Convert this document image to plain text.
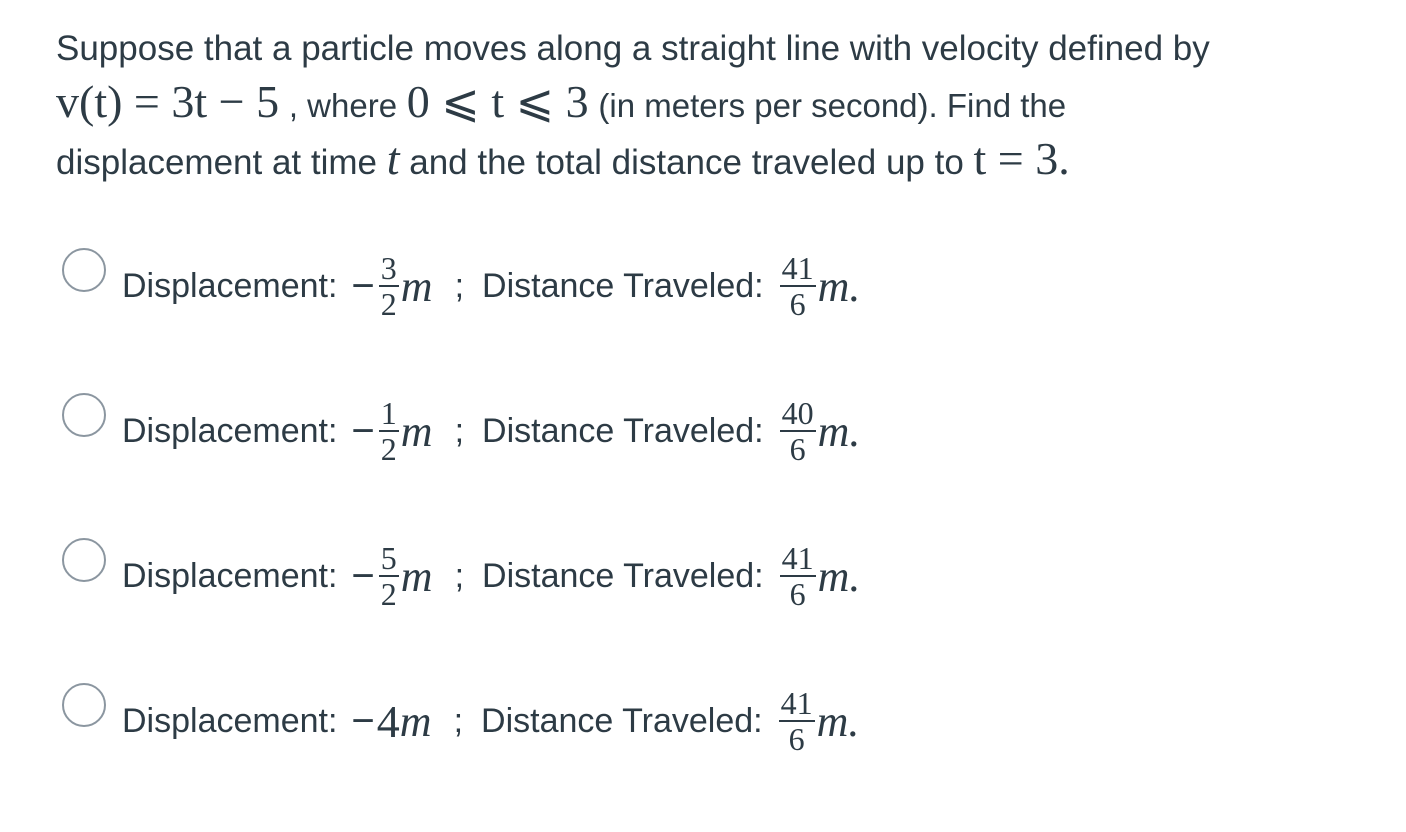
Suppose that a particle moves along a straight line with velocity defined by
v(t) = 3t − 5 , where 0 ⩽ t ⩽ 3 (in meters per second). Find the
displacement at time t and the total distance traveled up to t = 3.
Displacement: − $\frac{3}{2}$ m ; Distance Traveled: $\frac{41}{6} m$.
Displacement: − $\frac{1}{2}$ m ; Distance Traveled: $\frac{40}{6} m$.
Displacement: − $\frac{5}{2}$ m ; Distance Traveled: $\frac{41}{6} m$.
Displacement: − 4 m ; Distance Traveled: $\frac{41}{6} m$.
